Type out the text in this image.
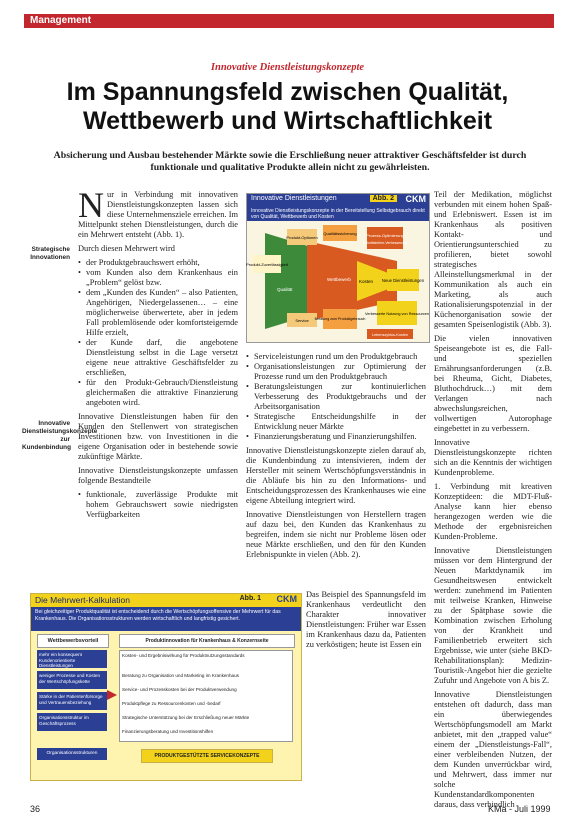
Management
Innovative Dienstleistungskonzepte
Im Spannungsfeld zwischen Qualität, Wettbewerb und Wirtschaftlichkeit
Absicherung und Ausbau bestehender Märkte sowie die Erschließung neuer attraktiver Geschäftsfelder ist durch funktionale und qualitative Produkte allein nicht zu gewährleisten.
Strategische Innovationen
Innovative Dienstleistungskonzepte zur Kundenbindung

Nur in Verbindung mit innovativen Dienstleistungskonzepten lassen sich diese Unternehmensziele erreichen. Im Mittelpunkt stehen Dienstleistungen, durch die ein Mehrwert entsteht (Abb. 1).

Durch diesen Mehrwert wird

• der Produktgebrauchswert erhöht,
• vom Kunden also dem Krankenhaus ein „Problem“ gelöst bzw.
• dem „Kunden des Kunden“ – also Patienten, Angehörigen, Niedergelassenen… – eine möglicherweise überwertete, aber in jedem Fall problemlösende oder komfortsteigernde Hilfe erzielt,
• der Kunde darf, die angebotene Dienstleistung selbst in die Lage versetzt eigene neue attraktive Geschäftsfelder zu erschließen,
• für den Produkt-Gebrauch/Dienstleistung gleichermaßen die attraktive Finanzierung angeboten wird.

Innovative Dienstleistungen haben für den Kunden den Stellenwert von strategischen Investitionen bzw. von Investitionen in die eigene Organisation oder in bestehende sowie zukünftige Märkte.

Innovative Dienstleistungskonzepte umfassen folgende Bestandteile

• funktionale, zuverlässige Produkte mit hohem Gebrauchswert sowie niedrigsten Verfügbarkeiten
Innovative Dienstleistungen	Abb. 2	CKM
Innovative Dienstleistungskonzepte in der Bereitstellung Selbstgebrauch direkt von Qualität, Wettbewerb und Kosten
Produkt-Optionen
Qualitätssicherung Prozess-Optimierung
Schnittstellen-Verbesserung
Produkt-Zuverlässigkeit
Neue Dienstleistungen
Verbesserte Nutzung von Ressourcen
Lebenszyklus-Kosten
Service Beratung zum Produktgebrauch
Qualität
Wettbewerb Kosten
• Serviceleistungen rund um den Produktgebrauch
• Organisationsleistungen zur Optimierung der Prozesse rund um den Produktgebrauch
• Beratungsleistungen zur kontinuierlichen Verbesserung des Produktgebrauchs und der Arbeitsorganisation
• Strategische Entscheidungshilfe in der Entwicklung neuer Märkte
• Finanzierungsberatung und Finanzierungshilfen.

Innovative Dienstleistungskonzepte zielen darauf ab, die Kundenbindung zu intensivieren, indem der Hersteller mit seinem Wertschöpfungsverständnis in die Abläufe bis hin zu den Informations- und Entscheidungsprozessen des Krankenhauses wie eine eigene Abteilung integriert wird.

Innovative Dienstleistungen von Herstellern tragen auf dazu bei, den Kunden das Krankenhaus zu begreifen, indem sie nicht nur Probleme lösen oder neue Märkte erschließen, und den für den Kunden Erlebnispunkte in vielen (Abb. 2).

Das Beispiel des Spannungsfeld im Krankenhaus verdeutlicht den Charakter innovativer Dienstleistungen: Früher war Essen im Krankenhaus dazu da, Patienten zu verköstigen; heute ist Essen ein

Teil der Medikation, möglichst verbunden mit einem hohen Spaß- und Erlebniswert. Essen ist im Krankenhaus als positiven Kontakt- und Orientierungsunterschied zu profilieren, bietet sowohl strategisches Alleinstellungsmerkmal in der Kommunikation als auch ein Marketing, als auch Rationalisierungspotenzial in der Küchenorganisation sowie der gesamten Speisenlogistik (Abb. 3).

Die vielen innovativen Speiseangebote ist es, die Fall- und speziellen Ernährungsanforderungen (z.B. bei Rheuma, Gicht, Diabetes, Bluthochdruck…) mit dem Verlangen nach abwechslungsreichen, vollwertigen Autorophage eingebettet in zu verbessern.

Innovative Dienstleistungskonzepte richten sich an die Kenntnis der wichtigen Kundenprobleme.

1. Verbindung mit kreativen Konzeptideen: die MDT-Fluß-Analyse kann hier ebenso herangezogen werden wie die Methode der ergebnisreichen Kunden-Probleme.

Innovative Dienstleistungen müssen vor dem Hintergrund der Neuen Marktdynamik im Gesundheitswesen entwickelt werden: zunehmend im Patienten mit teilweise Kranken, Hinweise zu der Spätphase sowie die Kombination zwischen Erholung von der Krankheit und Familienbetrieb erweitert sich Ergebnisse, wie unter (siehe BKD-Rehabilitationsplan): Medizin-Touristik-Angebot hier die gezielte Zufuhr und Angebote von A bis Z.

Innovative Dienstleistungen entstehen oft dadurch, dass man ein überwiegendes Wertschöpfungsmodell am Markt anbietet, mit den „trapped value“ einem der „Dienstleistungs-Fall“, einer verbleibenden Nutzen, der dem Kunden unverrückbar wird, und Mehrwert, dass immer nur solche Kundenstandardkomponenten daraus, dass verbindlich

Die Mehrwert-Kalkulation	Abb. 1 CKM
Bei gleichzeitiger Produktqualität ist entscheidend durch die Wertschöpfungsoffensive der Mehrwert für das Krankenhaus. Die Organisationsstrukturen werden wirtschaftlich und langfristig gesichert.
Wettbewerbsvorteil	Produktinnovation für Krankenhaus & Konzernseite
mehr ein konsequent Kundenorientierte Dienstleistungen
weniger Prozesse und Kosten der Wertschöpfungskette
Stärke in der Patientenfürsorge und Vertrauensbeziehung
Organisationsstruktur im Geschäftsprozess
Kosten- und Ergebniswirkung für Produktnutzungsstandards
Beratung zu Organisation und Marketing im Krankenhaus
Service- und Prozesskosten bei der Produktverwendung
Produktpflege zu Ressourcenkosten und -bedarf
Strategische Unterstützung bei der Erschließung neuer Märkte
Finanzierungsberatung und Investitionshilfen
Organisationsstrukturen	PRODUKTGESTÜTZTE SERVICEKONZEPTE
36	KMa - Juli 1999
